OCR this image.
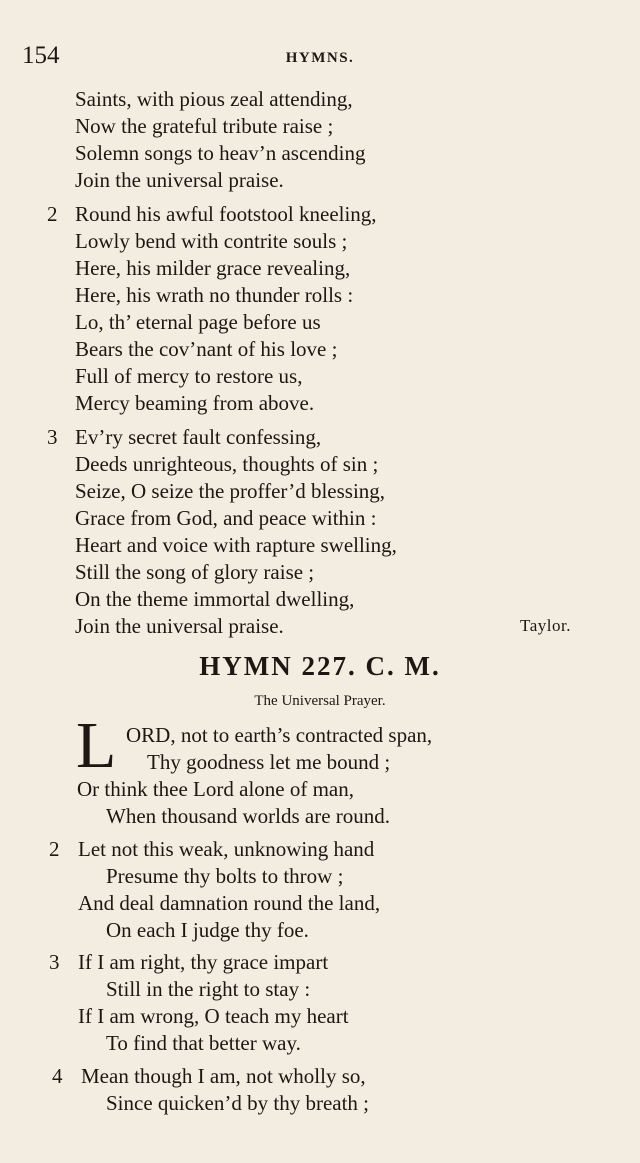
154	HYMNS.
Saints, with pious zeal attending,
Now the grateful tribute raise ;
Solemn songs to heav’n ascending
Join the universal praise.
2 Round his awful footstool kneeling,
Lowly bend with contrite souls ;
Here, his milder grace revealing,
Here, his wrath no thunder rolls :
Lo, th’ eternal page before us
Bears the cov’nant of his love ;
Full of mercy to restore us,
Mercy beaming from above.
3 Ev’ry secret fault confessing,
Deeds unrighteous, thoughts of sin ;
Seize, O seize the proffer’d blessing,
Grace from God, and peace within :
Heart and voice with rapture swelling,
Still the song of glory raise ;
On the theme immortal dwelling,
Join the universal praise.	Taylor.
HYMN 227. C. M.
The Universal Prayer.
L ORD, not to earth’s contracted span,
Thy goodness let me bound ;
Or think thee Lord alone of man,
When thousand worlds are round.
2 Let not this weak, unknowing hand
Presume thy bolts to throw ;
And deal damnation round the land,
On each I judge thy foe.
3 If I am right, thy grace impart
Still in the right to stay :
If I am wrong, O teach my heart
To find that better way.
4 Mean though I am, not wholly so,
Since quicken’d by thy breath ;
